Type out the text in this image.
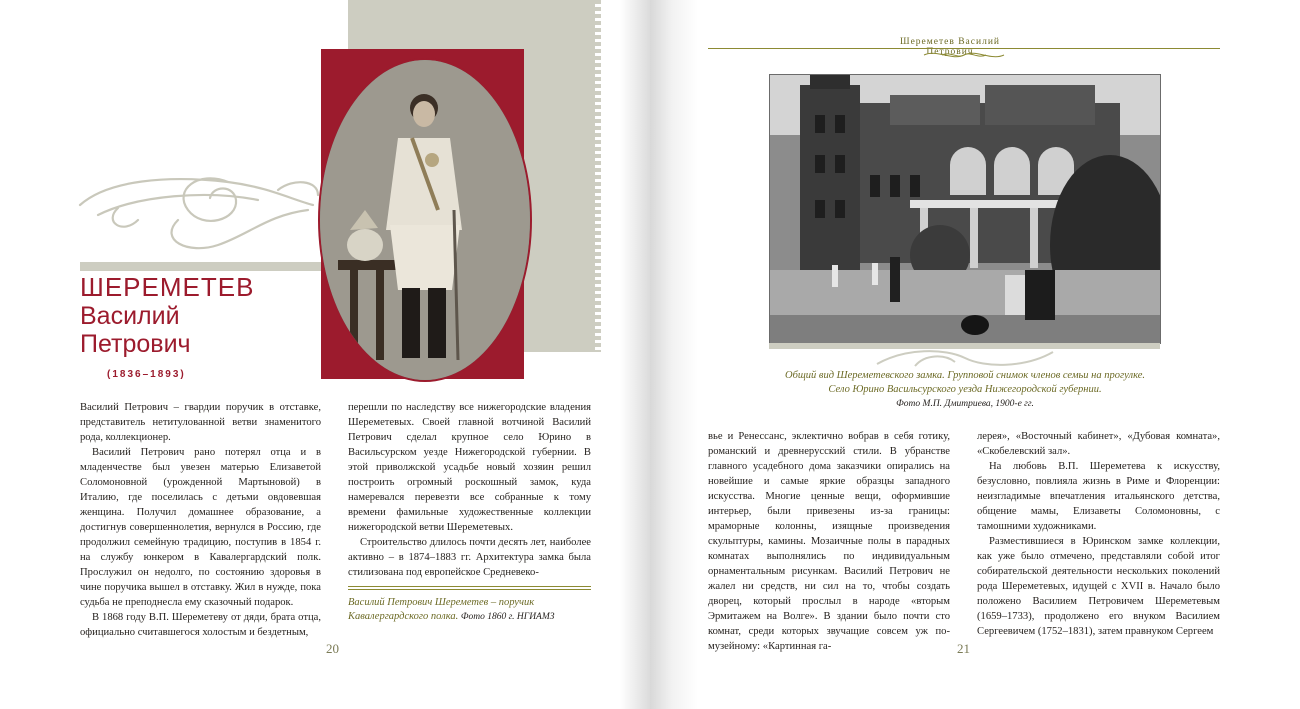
ШЕРЕМЕТЕВ
Василий
Петрович
(1836–1893)

Василий Петрович – гвардии поручик в отставке, представитель нетитулованной ветви знаменитого рода, коллекционер.

Василий Петрович рано потерял отца и в младенчестве был увезен матерью Елизаветой Соломоновной (урожденной Мартыновой) в Италию, где поселилась с детьми овдовевшая женщина. Получил домашнее образование, а достигнув совершеннолетия, вернулся в Россию, где продолжил семейную традицию, поступив в 1854 г. на службу юнкером в Кавалергардский полк. Прослужил он недолго, по состоянию здоровья в чине поручика вышел в отставку. Жил в нужде, пока судьба не преподнесла ему сказочный подарок.

В 1868 году В.П. Шереметеву от дяди, брата отца, официально считавшегося холостым и бездетным,

перешли по наследству все нижегородские владения Шереметевых. Своей главной вотчиной Василий Петрович сделал крупное село Юрино в Васильсурском уезде Нижегородской губернии. В этой приволжской усадьбе новый хозяин решил построить огромный роскошный замок, куда намеревался перевезти все собранные к тому времени фамильные художественные коллекции нижегородской ветви Шереметевых.

Строительство длилось почти десять лет, наиболее активно – в 1874–1883 гг. Архитектура замка была стилизована под европейское Средневеко-

Василий Петрович Шереметев – поручик Кавалергардского полка. Фото 1860 г. НГИАМЗ
20
Шереметев Василий Петрович
Общий вид Шереметевского замка. Групповой снимок членов семьи на прогулке.
Село Юрино Васильсурского уезда Нижегородской губернии.
Фото М.П. Дмитриева, 1900-е гг.

вье и Ренессанс, эклектично вобрав в себя готику, романский и древнерусский стили. В убранстве главного усадебного дома заказчики опирались на новейшие и самые яркие образцы западного искусства. Многие ценные вещи, оформившие интерьер, были привезены из-за границы: мраморные колонны, изящные произведения скульптуры, камины. Мозаичные полы в парадных комнатах выполнялись по индивидуальным орнаментальным рисункам. Василий Петрович не жалел ни средств, ни сил на то, чтобы создать дворец, который прослыл в народе «вторым Эрмитажем на Волге». В здании было почти сто комнат, среди которых звучащие совсем уж по-музейному: «Картинная га-

лерея», «Восточный кабинет», «Дубовая комната», «Скобелевский зал».

На любовь В.П. Шереметева к искусству, безусловно, повлияла жизнь в Риме и Флоренции: неизгладимые впечатления итальянского детства, общение мамы, Елизаветы Соломоновны, с тамошними художниками.

Разместившиеся в Юринском замке коллекции, как уже было отмечено, представляли собой итог собирательской деятельности нескольких поколений рода Шереметевых, идущей с XVII в. Начало было положено Василием Петровичем Шереметевым (1659–1733), продолжено его внуком Василием Сергеевичем (1752–1831), затем правнуком Сергеем

21
